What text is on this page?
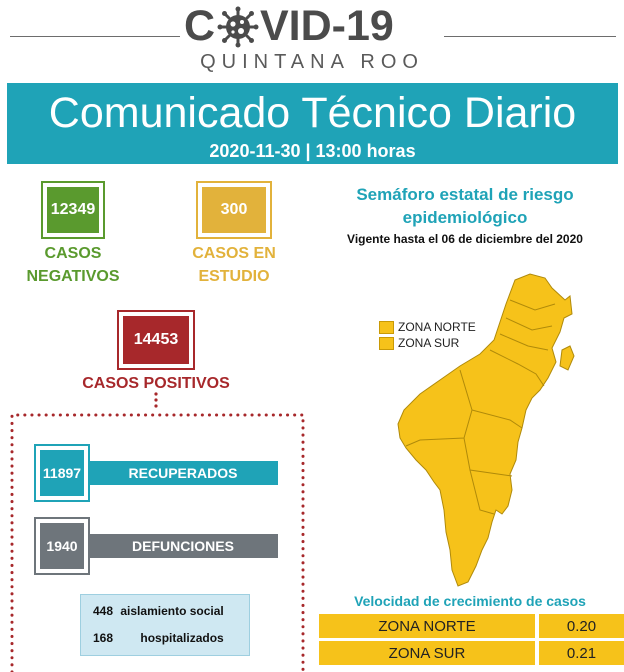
C VID-19
QUINTANA ROO
Comunicado Técnico Diario
2020-11-30 | 13:00 horas
12349
CASOS
NEGATIVOS
300
CASOS EN
ESTUDIO
14453
CASOS POSITIVOS
RECUPERADOS
11897
DEFUNCIONES
1940
448 aislamiento social
168 hospitalizados
Semáforo estatal de riesgo epidemiológico
Vigente hasta el 06 de diciembre del 2020
ZONA NORTE
ZONA SUR
Velocidad de crecimiento de casos
ZONA NORTE	0.20
ZONA SUR	0.21
